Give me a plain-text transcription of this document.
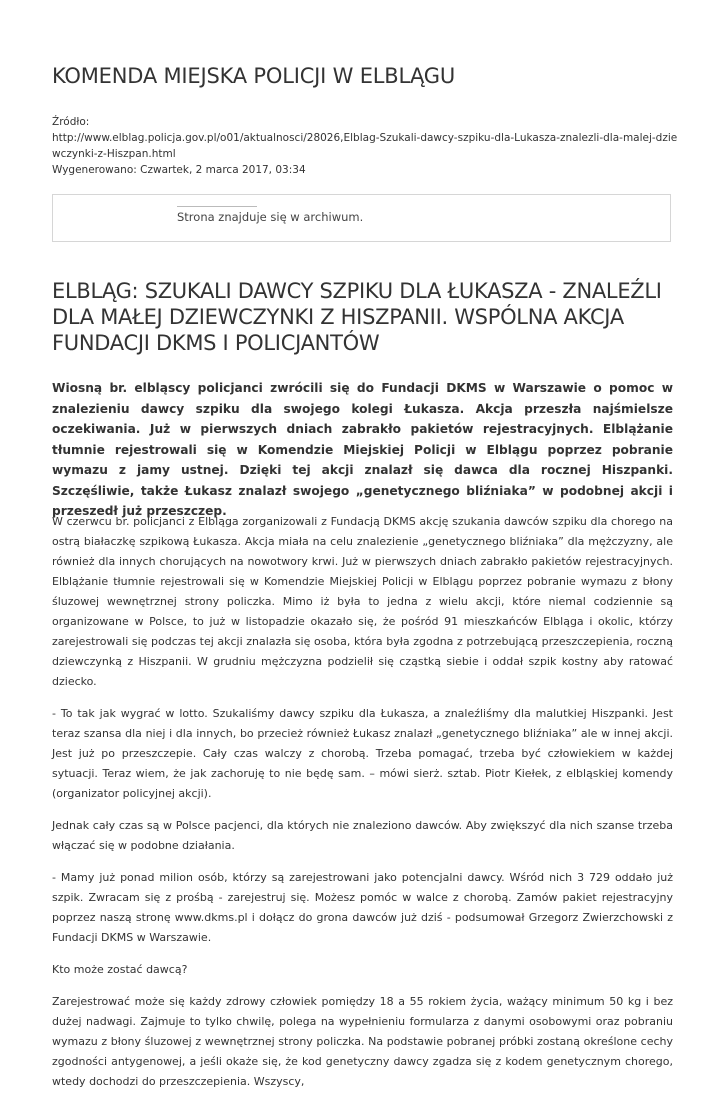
KOMENDA MIEJSKA POLICJI W ELBLĄGU
Źródło:
http://www.elblag.policja.gov.pl/o01/aktualnosci/28026,Elblag-Szukali-dawcy-szpiku-dla-Lukasza-znalezli-dla-malej-dziewczynki-z-Hiszpan.html
Wygenerowano: Czwartek, 2 marca 2017, 03:34
Strona znajduje się w archiwum.
ELBLĄG: SZUKALI DAWCY SZPIKU DLA ŁUKASZA - ZNALEŹLI DLA MAŁEJ DZIEWCZYNKI Z HISZPANII. WSPÓLNA AKCJA FUNDACJI DKMS I POLICJANTÓW

Wiosną br. elbląscy policjanci zwrócili się do Fundacji DKMS w Warszawie o pomoc w znalezieniu dawcy szpiku dla swojego kolegi Łukasza. Akcja przeszła najśmielsze oczekiwania. Już w pierwszych dniach zabrakło pakietów rejestracyjnych. Elblążanie tłumnie rejestrowali się w Komendzie Miejskiej Policji w Elblągu poprzez pobranie wymazu z jamy ustnej. Dzięki tej akcji znalazł się dawca dla rocznej Hiszpanki. Szczęśliwie, także Łukasz znalazł swojego „genetycznego bliźniaka” w podobnej akcji i przeszedł już przeszczep.

W czerwcu br. policjanci z Elbląga zorganizowali z Fundacją DKMS akcję szukania dawców szpiku dla chorego na ostrą białaczkę szpikową Łukasza. Akcja miała na celu znalezienie „genetycznego bliźniaka” dla mężczyzny, ale również dla innych chorujących na nowotwory krwi. Już w pierwszych dniach zabrakło pakietów rejestracyjnych. Elblążanie tłumnie rejestrowali się w Komendzie Miejskiej Policji w Elblągu poprzez pobranie wymazu z błony śluzowej wewnętrznej strony policzka. Mimo iż była to jedna z wielu akcji, które niemal codziennie są organizowane w Polsce, to już w listopadzie okazało się, że pośród 91 mieszkańców Elbląga i okolic, którzy zarejestrowali się podczas tej akcji znalazła się osoba, która była zgodna z potrzebującą przeszczepienia, roczną dziewczynką z Hiszpanii. W grudniu mężczyzna podzielił się cząstką siebie i oddał szpik kostny aby ratować dziecko.

- To tak jak wygrać w lotto. Szukaliśmy dawcy szpiku dla Łukasza, a znaleźliśmy dla malutkiej Hiszpanki. Jest teraz szansa dla niej i dla innych, bo przecież również Łukasz znalazł „genetycznego bliźniaka” ale w innej akcji. Jest już po przeszczepie. Cały czas walczy z chorobą. Trzeba pomagać, trzeba być człowiekiem w każdej sytuacji. Teraz wiem, że jak zachoruję to nie będę sam. – mówi sierż. sztab. Piotr Kiełek, z elbląskiej komendy (organizator policyjnej akcji).

Jednak cały czas są w Polsce pacjenci, dla których nie znaleziono dawców. Aby zwiększyć dla nich szanse trzeba włączać się w podobne działania.

- Mamy już ponad milion osób, którzy są zarejestrowani jako potencjalni dawcy. Wśród nich 3 729 oddało już szpik. Zwracam się z prośbą - zarejestruj się. Możesz pomóc w walce z chorobą. Zamów pakiet rejestracyjny poprzez naszą stronę www.dkms.pl i dołącz do grona dawców już dziś - podsumował Grzegorz Zwierzchowski z Fundacji DKMS w Warszawie.

Kto może zostać dawcą?

Zarejestrować może się każdy zdrowy człowiek pomiędzy 18 a 55 rokiem życia, ważący minimum 50 kg i bez dużej nadwagi. Zajmuje to tylko chwilę, polega na wypełnieniu formularza z danymi osobowymi oraz pobraniu wymazu z błony śluzowej z wewnętrznej strony policzka. Na podstawie pobranej próbki zostaną określone cechy zgodności antygenowej, a jeśli okaże się, że kod genetyczny dawcy zgadza się z kodem genetycznym chorego, wtedy dochodzi do przeszczepienia. Wszyscy,
